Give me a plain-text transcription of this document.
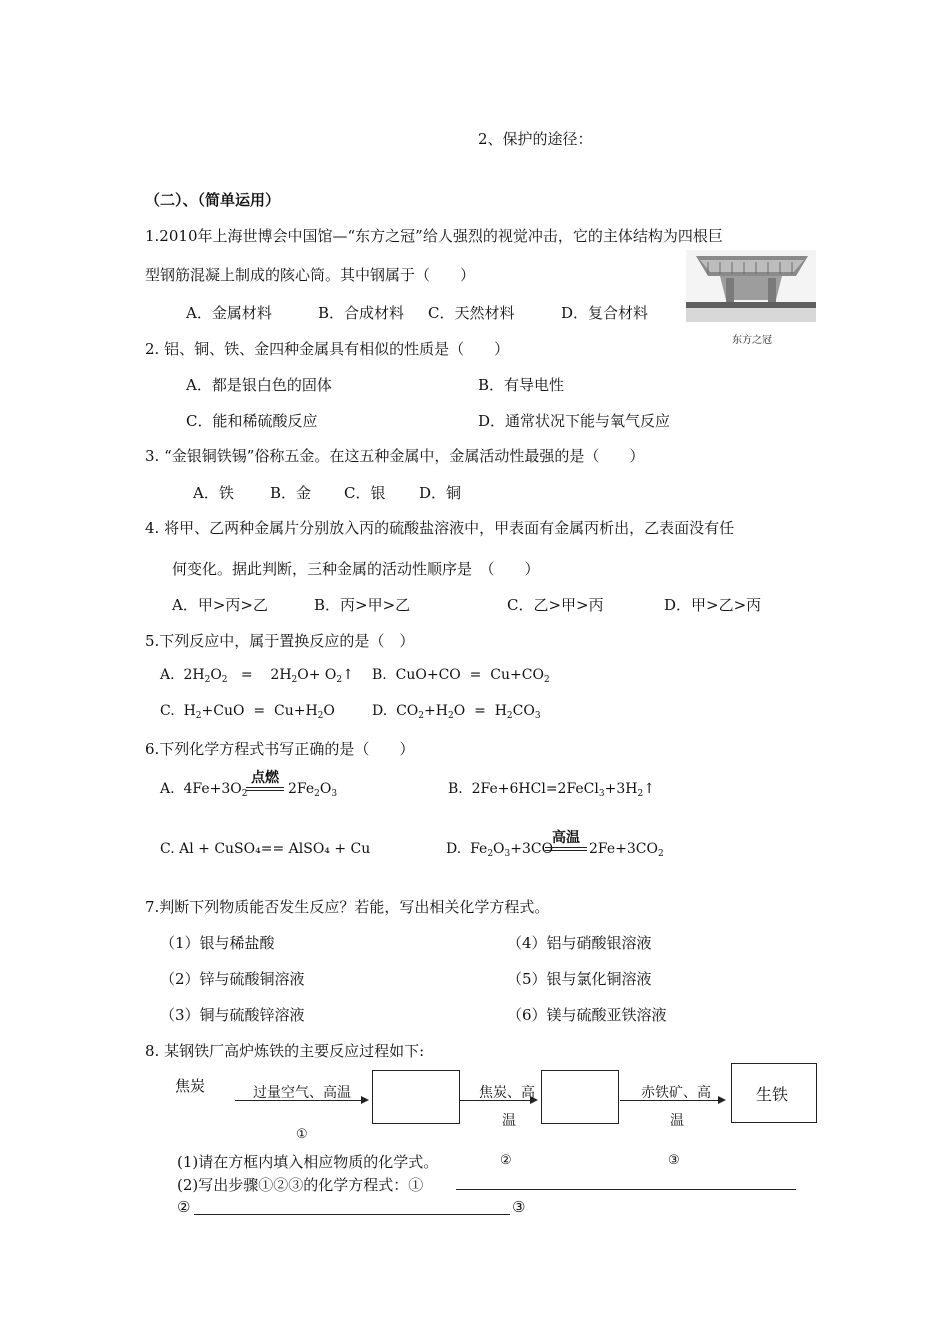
2、保护的途径：
（二）、（简单运用）
1.2010年上海世博会中国馆—“东方之冠”给人强烈的视觉冲击，它的主体结构为四根巨
型钢筋混凝上制成的陔心筒。其中钢属于（　　）
A．金属材料	B．合成材料 C．天然材料	D．复合材料
东方之冠
2. 铝、铜、铁、金四种金属具有相似的性质是（　　）
A．都是银白色的固体	B．有导电性
C．能和稀硫酸反应	D．通常状况下能与氧气反应
3. “金银铜铁锡”俗称五金。在这五种金属中，金属活动性最强的是（　　）
A．铁 B．金 C．银 D．铜
4. 将甲、乙两种金属片分别放入丙的硫酸盐溶液中，甲表面有金属丙析出，乙表面没有任
何变化。据此判断，三种金属的活动性顺序是　（　　）
A．甲>丙>乙	B．丙>甲>乙	C．乙>甲>丙	D．甲>乙>丙
5.下列反应中，属于置换反应的是（　）
A.  $2H_2O_2$   =    $2H_2O+$ $O_2↑$ B.  $CuO+CO = Cu+CO_2$
C.  $H_2+CuO = Cu+H_2O$	D.  $CO_2+H_2O = H_2CO_3$
6.下列化学方程式书写正确的是（　　）
A.  $4Fe+3O_2$
点燃
$2Fe_2O_3$	B.  $2Fe+6HCl=2FeCl_3+3H_2↑$
C. Al + CuSO₄== AlSO₄ + Cu	D.  $Fe_2O_3+3CO$
高温
$2Fe+3CO_2$
7.判断下列物质能否发生反应？若能，写出相关化学方程式。
（1）银与稀盐酸	（4）铝与硝酸银溶液
（2）锌与硫酸铜溶液	（5）银与氯化铜溶液
（3）铜与硫酸锌溶液	（6）镁与硫酸亚铁溶液
8. 某钢铁厂高炉炼铁的主要反应过程如下:
焦炭	过量空气、高温	焦炭、高
温
赤铁矿、高
温
生铁
①
②	③
(1)请在方框内填入相应物质的化学式。
(2)写出步骤①②③的化学方程式：①
②	③
